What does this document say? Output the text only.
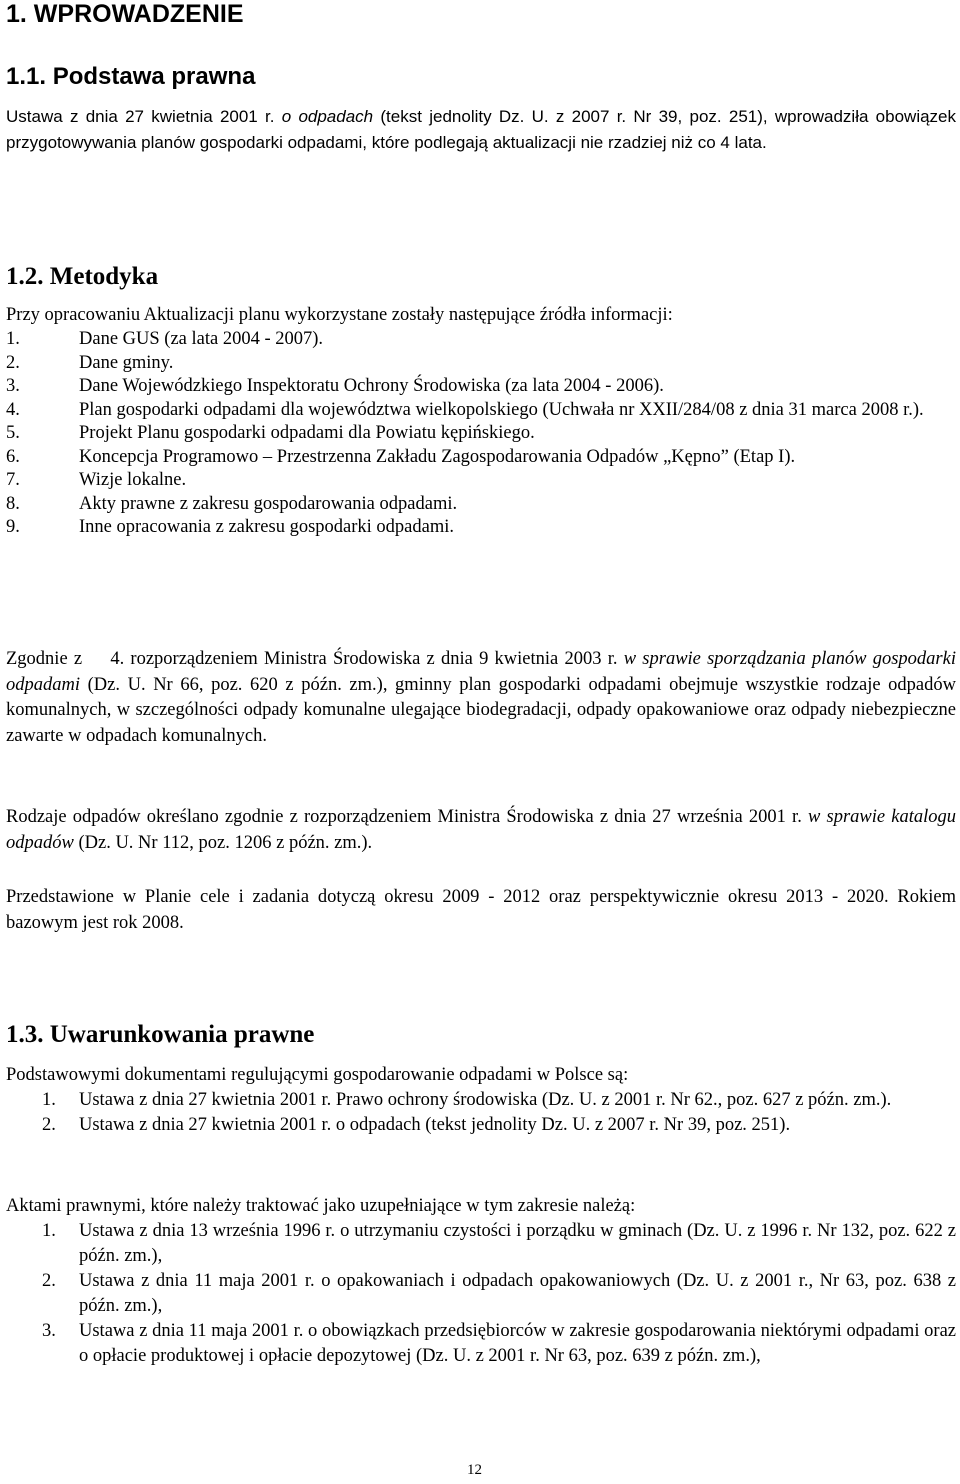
1. WPROWADZENIE
1.1. Podstawa prawna
Ustawa z dnia 27 kwietnia 2001 r. o odpadach (tekst jednolity Dz. U. z 2007 r. Nr 39, poz. 251), wprowadziła obowiązek przygotowywania planów gospodarki odpadami, które podlegają aktualizacji nie rzadziej niż co 4 lata.
1.2. Metodyka
Przy opracowaniu Aktualizacji planu wykorzystane zostały następujące źródła informacji:
1.	Dane GUS (za lata 2004 - 2007).
2.	Dane gminy.
3.	Dane Wojewódzkiego Inspektoratu Ochrony Środowiska (za lata 2004 - 2006).
4.	Plan gospodarki odpadami dla województwa wielkopolskiego (Uchwała nr XXII/284/08 z dnia 31 marca 2008 r.).
5.	Projekt Planu gospodarki odpadami dla Powiatu kępińskiego.
6.	Koncepcja Programowo – Przestrzenna Zakładu Zagospodarowania Odpadów „Kępno” (Etap I).
7.	Wizje lokalne.
8.	Akty prawne z zakresu gospodarowania odpadami.
9.	Inne opracowania z zakresu gospodarki odpadami.
Zgodnie z 4. rozporządzeniem Ministra Środowiska z dnia 9 kwietnia 2003 r. w sprawie sporządzania planów gospodarki odpadami (Dz. U. Nr 66, poz. 620 z późn. zm.), gminny plan gospodarki odpadami obejmuje wszystkie rodzaje odpadów komunalnych, w szczególności odpady komunalne ulegające biodegradacji, odpady opakowaniowe oraz odpady niebezpieczne zawarte w odpadach komunalnych.
Rodzaje odpadów określano zgodnie z rozporządzeniem Ministra Środowiska z dnia 27 września 2001 r. w sprawie katalogu odpadów (Dz. U. Nr 112, poz. 1206 z późn. zm.).
Przedstawione w Planie cele i zadania dotyczą okresu 2009 - 2012 oraz perspektywicznie okresu 2013 - 2020. Rokiem bazowym jest rok 2008.
1.3. Uwarunkowania prawne
Podstawowymi dokumentami regulującymi gospodarowanie odpadami w Polsce są:
1.	Ustawa z dnia 27 kwietnia 2001 r. Prawo ochrony środowiska (Dz. U. z 2001 r. Nr 62., poz. 627 z późn. zm.).
2.	Ustawa z dnia 27 kwietnia 2001 r. o odpadach (tekst jednolity Dz. U. z 2007 r. Nr 39, poz. 251).
Aktami prawnymi, które należy traktować jako uzupełniające w tym zakresie należą:
1.	Ustawa z dnia 13 września 1996 r. o utrzymaniu czystości i porządku w gminach (Dz. U. z 1996 r. Nr 132, poz. 622 z późn. zm.),
2.	Ustawa z dnia 11 maja 2001 r. o opakowaniach i odpadach opakowaniowych (Dz. U. z 2001 r., Nr 63, poz. 638 z późn. zm.),
3.	Ustawa z dnia 11 maja 2001 r. o obowiązkach przedsiębiorców w zakresie gospodarowania niektórymi odpadami oraz o opłacie produktowej i opłacie depozytowej (Dz. U. z 2001 r. Nr 63, poz. 639 z późn. zm.),
12
